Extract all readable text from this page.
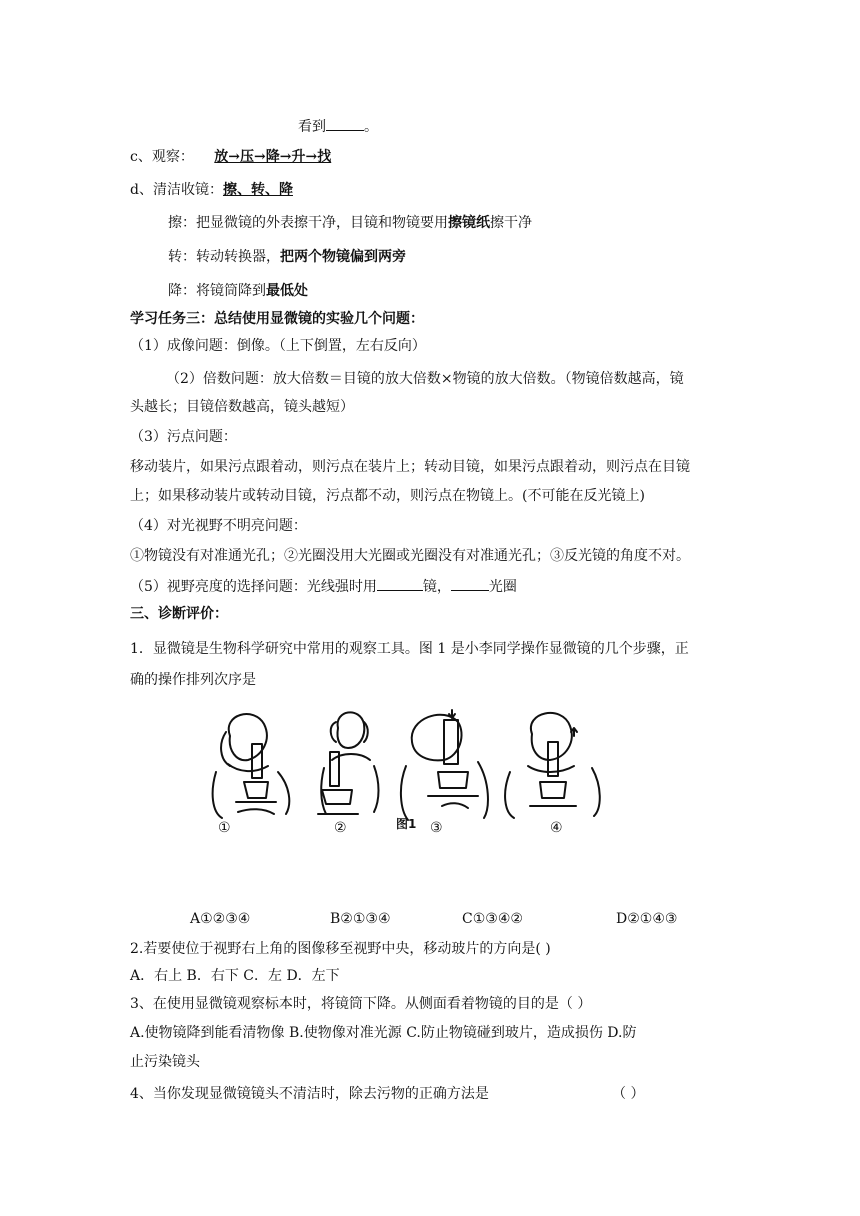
看到	。
c、观察： 放→压→降→升→找
d、清洁收镜：擦、转、降
擦：把显微镜的外表擦干净，目镜和物镜要用擦镜纸擦干净
转：转动转换器，把两个物镜偏到两旁
降：将镜筒降到最低处
学习任务三：总结使用显微镜的实验几个问题：
（1）成像问题：倒像。（上下倒置，左右反向）
（2）倍数问题：放大倍数＝目镜的放大倍数×物镜的放大倍数。（物镜倍数越高，镜
头越长；目镜倍数越高，镜头越短）
（3）污点问题：
移动装片，如果污点跟着动，则污点在装片上；转动目镜，如果污点跟着动，则污点在目镜
上；如果移动装片或转动目镜，污点都不动，则污点在物镜上。(不可能在反光镜上)
（4）对光视野不明亮问题：
①物镜没有对准通光孔；②光圈没用大光圈或光圈没有对准通光孔；③反光镜的角度不对。
（5）视野亮度的选择问题：光线强时用	镜，	光圈
三、诊断评价：
1．显微镜是生物科学研究中常用的观察工具。图 1 是小李同学操作显微镜的几个步骤，正
确的操作排列次序是
①	②	③	④
图1
A①②③④	B②①③④	C①③④②	D②①④③
2.若要使位于视野右上角的图像移至视野中央，移动玻片的方向是( )
A．右上 B．右下 C．左 D．左下
3、在使用显微镜观察标本时，将镜筒下降。从侧面看着物镜的目的是（ ）
A.使物镜降到能看清物像 B.使物像对准光源 C.防止物镜碰到玻片，造成损伤 D.防
止污染镜头
4、当你发现显微镜镜头不清洁时，除去污物的正确方法是	（ ）
